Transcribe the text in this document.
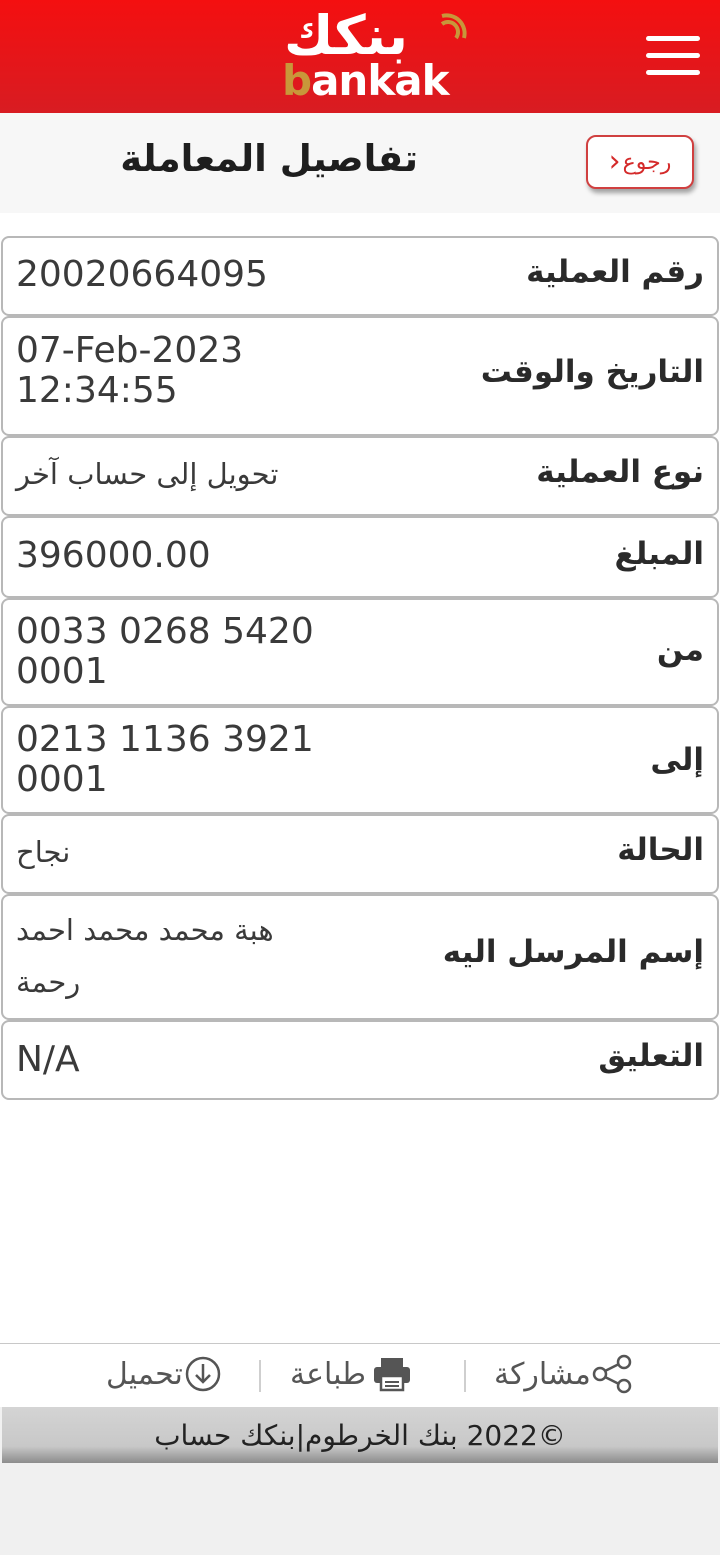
بنكك
bankak
تفاصيل المعاملة	رجوع
‹
رقم العملية
20020664095
التاريخ والوقت
07-Feb-2023 12:34:55
نوع العملية
تحويل إلى حساب آخر
المبلغ
396000.00
من
0033 0268 5420 0001
إلى
0213 1136 3921 0001
الحالة
نجاح
إسم المرسل اليه
هبة محمد محمد احمد رحمة
التعليق
N/A
مشاركة
طباعة
تحميل
©2022 بنك الخرطوم|بنكك حساب
